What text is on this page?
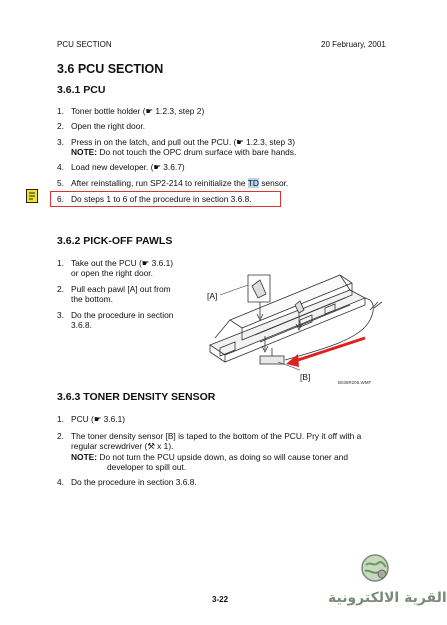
PCU SECTION	20 February, 2001
3.6 PCU SECTION
3.6.1 PCU
1. Toner bottle holder (☛ 1.2.3, step 2)
2. Open the right door.
3. Press in on the latch, and pull out the PCU. (☛ 1.2.3, step 3)
NOTE: Do not touch the OPC drum surface with bare hands.
4. Load new developer. (☛ 3.6.7)
5. After reinstalling, run SP2-214 to reinitialize the TD sensor.
6. Do steps 1 to 6 of the procedure in section 3.6.8.
3.6.2 PICK-OFF PAWLS
1. Take out the PCU (☛ 3.6.1)
or open the right door.
2. Pull each pawl [A] out from
the bottom.
3. Do the procedure in section
3.6.8.
[A]
[B]
B039R205.WMF
3.6.3 TONER DENSITY SENSOR
1. PCU (☛ 3.6.1)
2. The toner density sensor [B] is taped to the bottom of the PCU. Pry it off with a
regular screwdriver (⚒ x 1).
NOTE: Do not turn the PCU upside down, as doing so will cause toner and
developer to spill out.
4. Do the procedure in section 3.6.8.
3-22	القرية الالكترونية
